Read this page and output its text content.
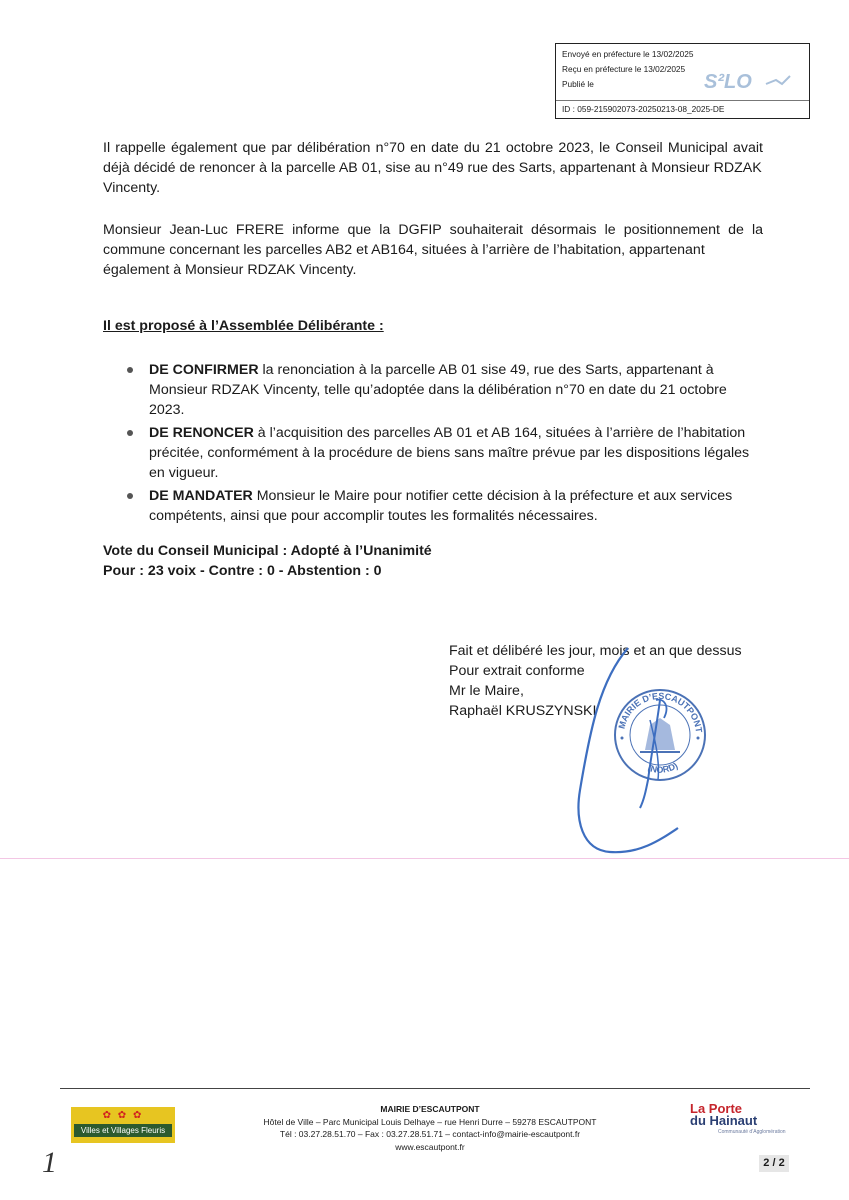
Envoyé en préfecture le 13/02/2025
Reçu en préfecture le 13/02/2025
Publié le
ID : 059-215902073-20250213-08_2025-DE
S²LO
Il rappelle également que par délibération n°70 en date du 21 octobre 2023, le Conseil Municipal avait déjà décidé de renoncer à la parcelle AB 01, sise au n°49 rue des Sarts, appartenant à Monsieur RDZAK
Vincenty.
Monsieur Jean-Luc FRERE informe que la DGFIP souhaiterait désormais le positionnement de la commune concernant les parcelles AB2 et AB164, situées à l’arrière de l’habitation, appartenant
également à Monsieur RDZAK Vincenty.
Il est proposé à l’Assemblée Délibérante :
DE CONFIRMER la renonciation à la parcelle AB 01 sise 49, rue des Sarts, appartenant à Monsieur RDZAK Vincenty, telle qu’adoptée dans la délibération n°70 en date du 21 octobre 2023.
DE RENONCER à l’acquisition des parcelles AB 01 et AB 164, situées à l’arrière de l’habitation précitée, conformément à la procédure de biens sans maître prévue par les dispositions légales en vigueur.
DE MANDATER Monsieur le Maire pour notifier cette décision à la préfecture et aux services compétents, ainsi que pour accomplir toutes les formalités nécessaires.
Vote du Conseil Municipal : Adopté à l’Unanimité
Pour : 23 voix - Contre : 0 - Abstention : 0
Fait et délibéré les jour, mois et an que dessus
Pour extrait conforme
Mr le Maire,
Raphaël KRUSZYNSKI
MAIRIE D’ESCAUTPONT
(NORD)
✿ ✿ ✿
Villes et Villages Fleuris
MAIRIE D’ESCAUTPONT
Hôtel de Ville – Parc Municipal Louis Delhaye – rue Henri Durre – 59278 ESCAUTPONT
Tél : 03.27.28.51.70 – Fax : 03.27.28.51.71 – contact-info@mairie-escautpont.fr
www.escautpont.fr
La Porte
du Hainaut
Communauté d’Agglomération
2 / 2
1
